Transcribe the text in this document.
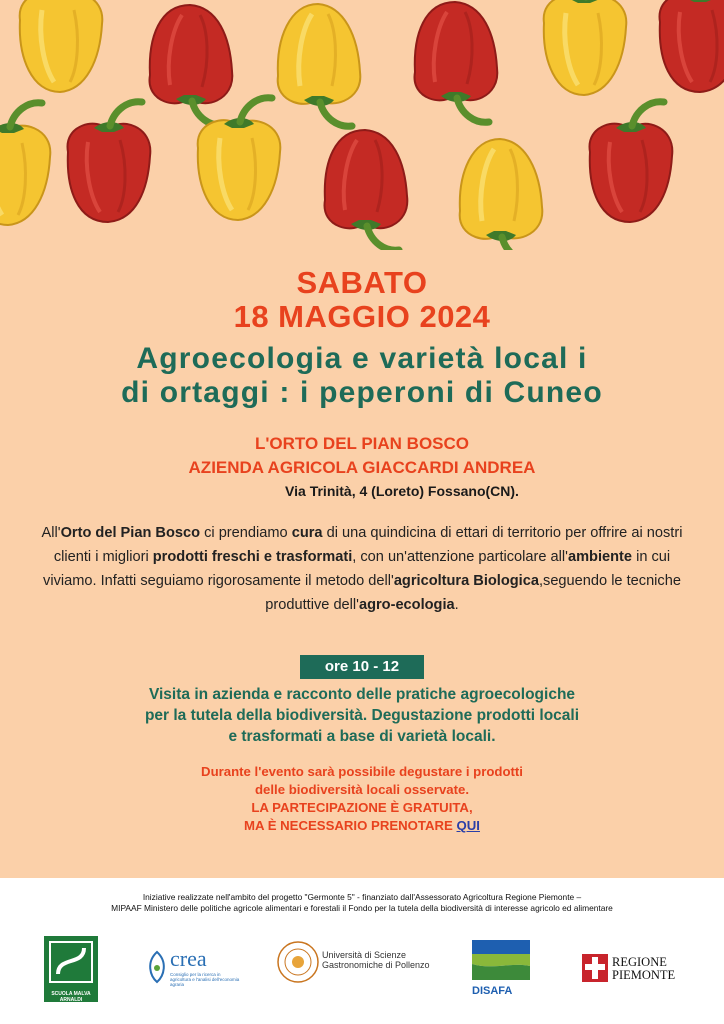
SABATO
18 MAGGIO 2024
Agroecologia e varietà local i
di ortaggi : i peperoni di Cuneo
L'ORTO DEL PIAN BOSCO
AZIENDA AGRICOLA GIACCARDI ANDREA
Via Trinità, 4 (Loreto) Fossano(CN).
All'Orto del Pian Bosco ci prendiamo cura di una quindicina di ettari di territorio per offrire ai nostri clienti i migliori prodotti freschi e trasformati, con un'attenzione particolare all'ambiente in cui viviamo. Infatti seguiamo rigorosamente il metodo dell'agricoltura Biologica,seguendo le tecniche produttive dell'agro-ecologia.
ore 10 - 12
Visita in azienda e racconto delle pratiche agroecologiche
per la tutela della biodiversità. Degustazione prodotti locali
e trasformati a base di varietà locali.
Durante l'evento sarà possibile degustare i prodotti
delle biodiversità locali osservate.
LA PARTECIPAZIONE È GRATUITA,
MA È NECESSARIO PRENOTARE QUI
Iniziative realizzate nell'ambito del progetto "Germonte 5" - finanziato dall'Assessorato Agricoltura Regione Piemonte –
MIPAAF Ministero delle politiche agricole alimentari e forestali il Fondo per la tutela della biodiversità di interesse agricolo ed alimentare
SCUOLA MALVA ARNALDI
crea
Consiglio per la ricerca in agricoltura e l'analisi dell'economia agraria
Università di Scienze
Gastronomiche di Pollenzo
DISAFA
REGIONE
PIEMONTE
